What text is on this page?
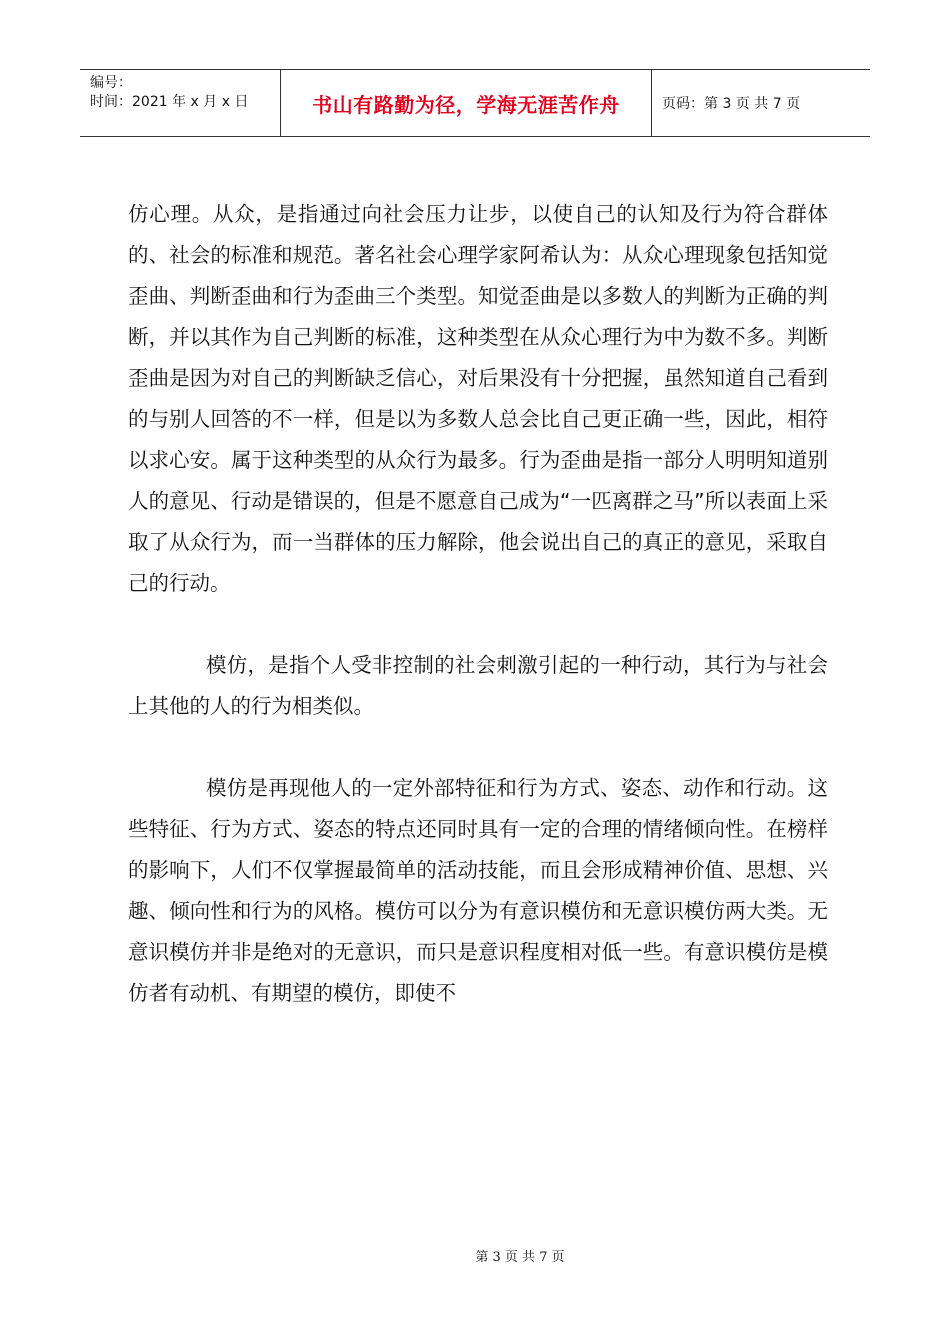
编号：
时间：2021 年 x 月 x 日	书山有路勤为径，学海无涯苦作舟	页码：第 3 页 共 7 页

仿心理。从众，是指通过向社会压力让步，以使自己的认知及行为符合群体的、社会的标准和规范。著名社会心理学家阿希认为：从众心理现象包括知觉歪曲、判断歪曲和行为歪曲三个类型。知觉歪曲是以多数人的判断为正确的判断，并以其作为自己判断的标准，这种类型在从众心理行为中为数不多。判断歪曲是因为对自己的判断缺乏信心，对后果没有十分把握，虽然知道自己看到的与别人回答的不一样，但是以为多数人总会比自己更正确一些，因此，相符以求心安。属于这种类型的从众行为最多。行为歪曲是指一部分人明明知道别人的意见、行动是错误的，但是不愿意自己成为“一匹离群之马”所以表面上采取了从众行为，而一当群体的压力解除，他会说出自己的真正的意见，采取自己的行动。

模仿，是指个人受非控制的社会刺激引起的一种行动，其行为与社会上其他的人的行为相类似。

模仿是再现他人的一定外部特征和行为方式、姿态、动作和行动。这些特征、行为方式、姿态的特点还同时具有一定的合理的情绪倾向性。在榜样的影响下，人们不仅掌握最简单的活动技能，而且会形成精神价值、思想、兴趣、倾向性和行为的风格。模仿可以分为有意识模仿和无意识模仿两大类。无意识模仿并非是绝对的无意识，而只是意识程度相对低一些。有意识模仿是模仿者有动机、有期望的模仿，即使不

第 3 页 共 7 页
